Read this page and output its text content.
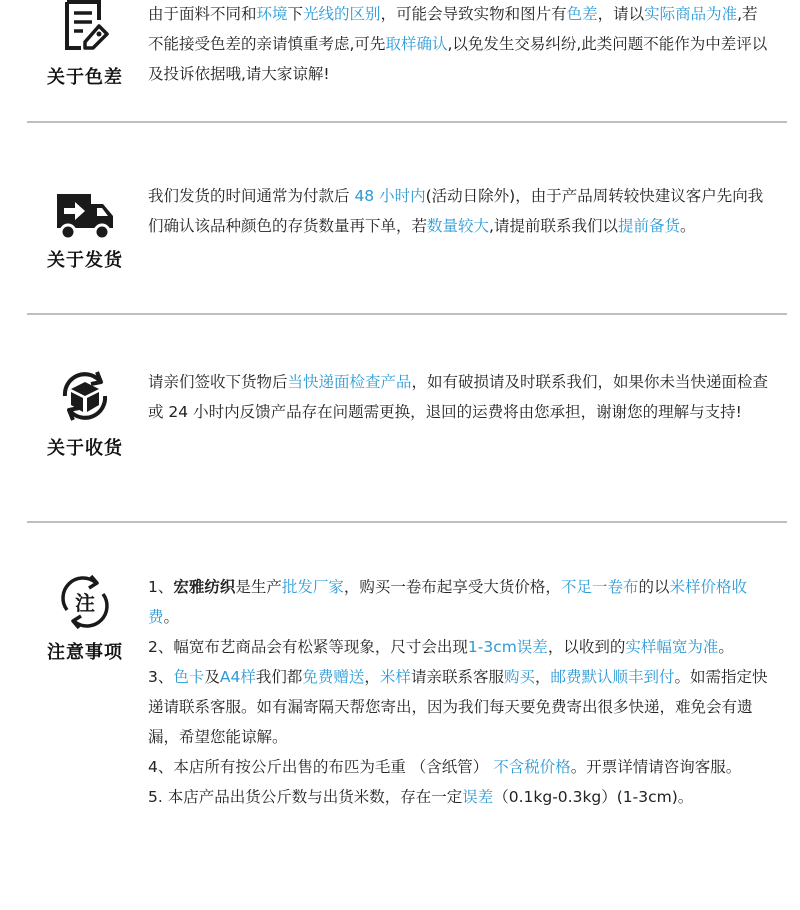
关于色差
由于面料不同和环境下光线的区别，可能会导致实物和图片有色差，请以实际商品为准,若不能接受色差的亲请慎重考虑,可先取样确认,以免发生交易纠纷,此类问题不能作为中差评以及投诉依据哦,请大家谅解!
关于发货
我们发货的时间通常为付款后 48 小时内(活动日除外)，由于产品周转较快建议客户先向我们确认该品种颜色的存货数量再下单，若数量较大,请提前联系我们以提前备货。
关于收货
请亲们签收下货物后当快递面检查产品，如有破损请及时联系我们，如果你未当快递面检查或 24 小时内反馈产品存在问题需更换，退回的运费将由您承担，谢谢您的理解与支持!
注
注意事项
1、宏雅纺织是生产批发厂家，购买一卷布起享受大货价格，不足一卷布的以米样价格收费。
2、幅宽布艺商品会有松紧等现象，尺寸会出现1-3cm误差，以收到的实样幅宽为准。
3、色卡及A4样我们都免费赠送，米样请亲联系客服购买，邮费默认顺丰到付。如需指定快递请联系客服。如有漏寄隔天帮您寄出，因为我们每天要免费寄出很多快递，难免会有遗漏，希望您能谅解。
4、本店所有按公斤出售的布匹为毛重 （含纸管） 不含税价格。开票详情请咨询客服。
5. 本店产品出货公斤数与出货米数，存在一定误差（0.1kg-0.3kg）(1-3cm)。
